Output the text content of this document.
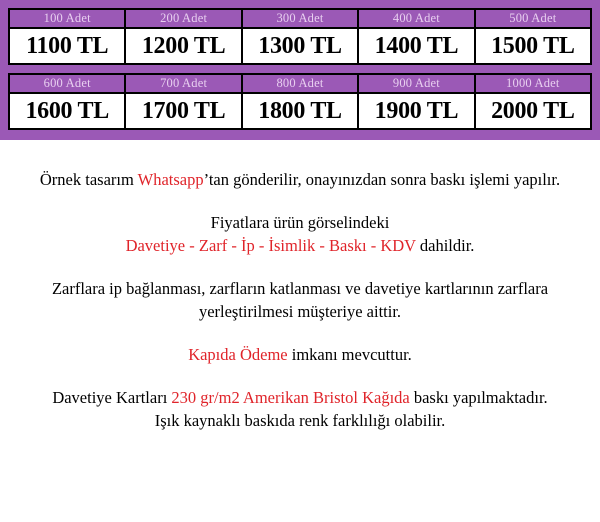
100 Adet
1100 TL
200 Adet
1200 TL
300 Adet
1300 TL
400 Adet
1400 TL
500 Adet
1500 TL
600 Adet
1600 TL
700 Adet
1700 TL
800 Adet
1800 TL
900 Adet
1900 TL
1000 Adet
2000 TL
Örnek tasarım Whatsapp’tan gönderilir, onayınızdan sonra baskı işlemi yapılır.
Fiyatlara ürün görselindeki
Davetiye - Zarf - İp - İsimlik - Baskı - KDV dahildir.
Zarflara ip bağlanması, zarfların katlanması ve davetiye kartlarının zarflara
yerleştirilmesi müşteriye aittir.
Kapıda Ödeme imkanı mevcuttur.
Davetiye Kartları 230 gr/m2 Amerikan Bristol Kağıda baskı yapılmaktadır.
Işık kaynaklı baskıda renk farklılığı olabilir.
